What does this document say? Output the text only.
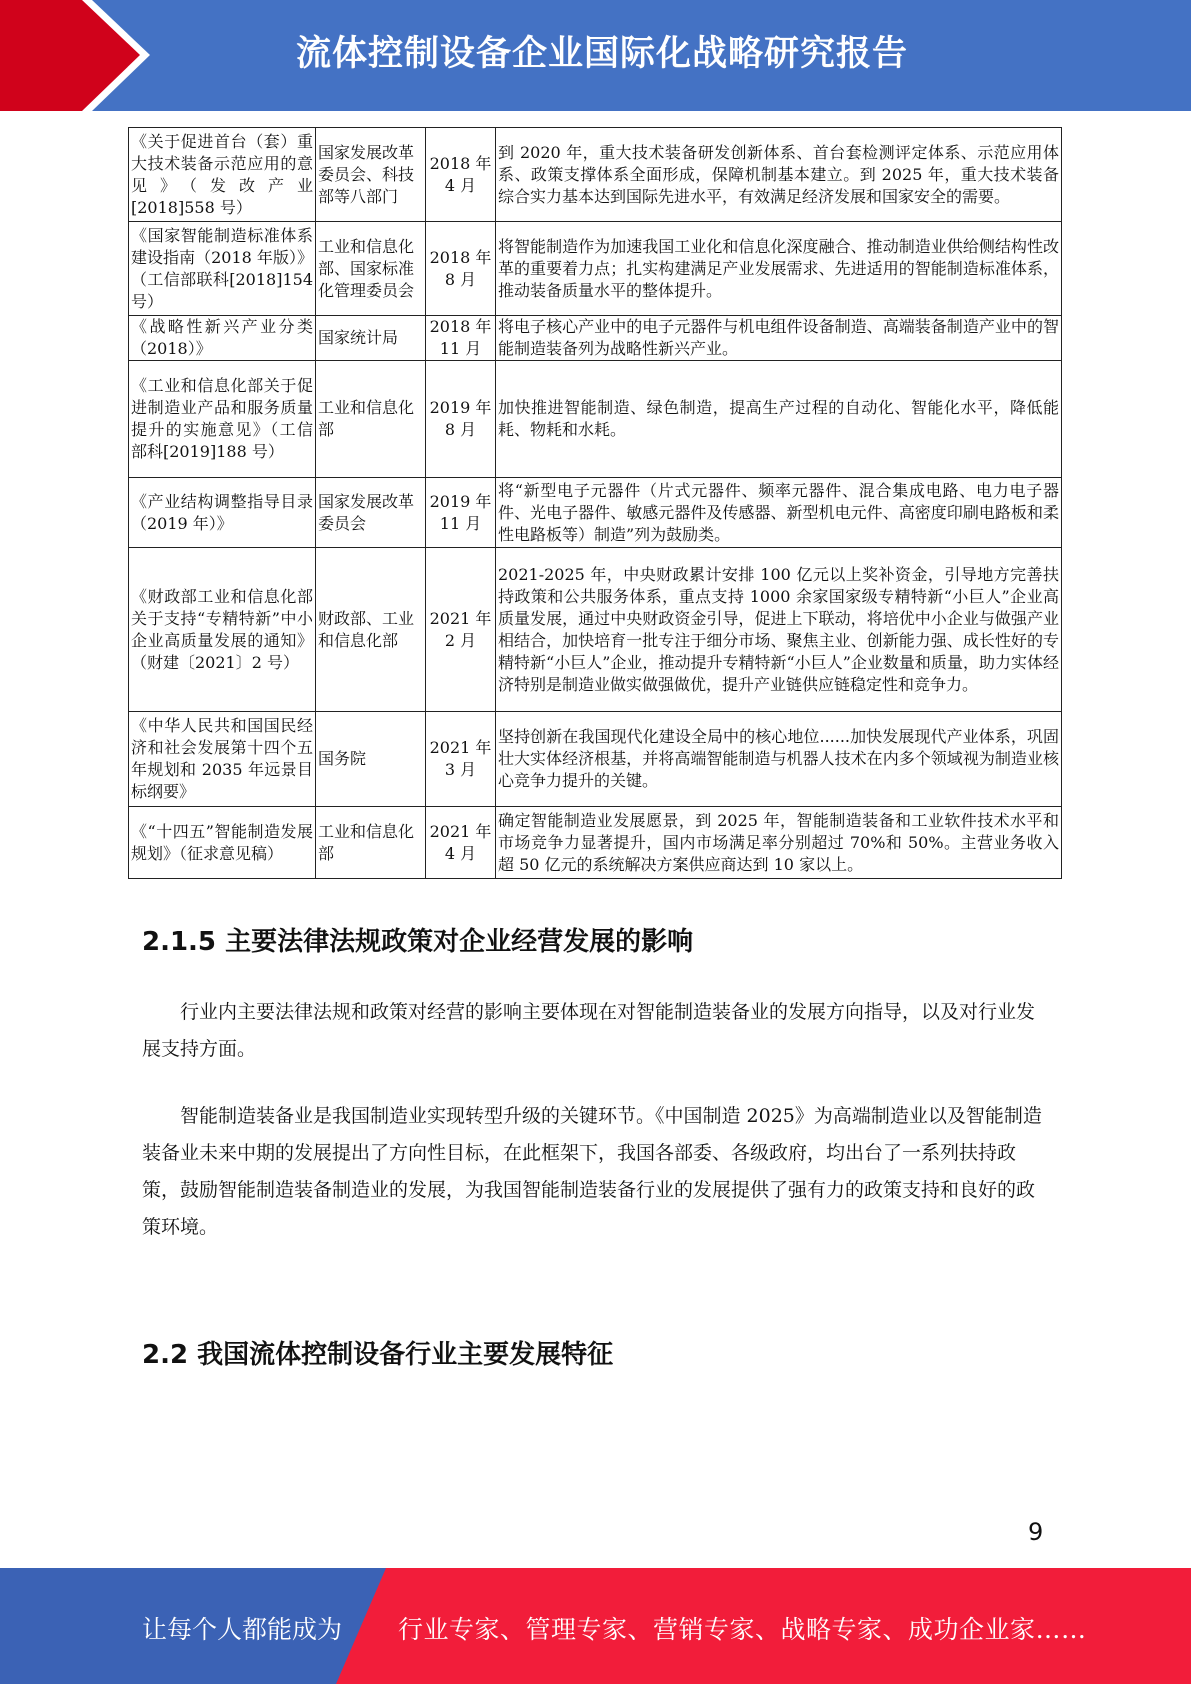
流体控制设备企业国际化战略研究报告
《关于促进首台（套）重大技术装备示范应用的意见》（发改产业[2018]558 号）	国家发展改革委员会、科技部等八部门	2018 年 4 月	到 2020 年，重大技术装备研发创新体系、首台套检测评定体系、示范应用体系、政策支撑体系全面形成，保障机制基本建立。到 2025 年，重大技术装备综合实力基本达到国际先进水平，有效满足经济发展和国家安全的需要。
《国家智能制造标准体系建设指南（2018 年版）》（工信部联科[2018]154 号）	工业和信息化部、国家标准化管理委员会	2018 年 8 月	将智能制造作为加速我国工业化和信息化深度融合、推动制造业供给侧结构性改革的重要着力点；扎实构建满足产业发展需求、先进适用的智能制造标准体系，推动装备质量水平的整体提升。
《战略性新兴产业分类（2018）》	国家统计局	2018 年 11 月	将电子核心产业中的电子元器件与机电组件设备制造、高端装备制造产业中的智能制造装备列为战略性新兴产业。
《工业和信息化部关于促进制造业产品和服务质量提升的实施意见》（工信部科[2019]188 号）	工业和信息化部	2019 年 8 月	加快推进智能制造、绿色制造，提高生产过程的自动化、智能化水平，降低能耗、物耗和水耗。
《产业结构调整指导目录（2019 年）》	国家发展改革委员会	2019 年 11 月	将“新型电子元器件（片式元器件、频率元器件、混合集成电路、电力电子器件、光电子器件、敏感元器件及传感器、新型机电元件、高密度印刷电路板和柔性电路板等）制造”列为鼓励类。
《财政部工业和信息化部关于支持“专精特新”中小企业高质量发展的通知》（财建〔2021〕2 号）	财政部、工业和信息化部	2021 年 2 月	2021-2025 年，中央财政累计安排 100 亿元以上奖补资金，引导地方完善扶持政策和公共服务体系，重点支持 1000 余家国家级专精特新“小巨人”企业高质量发展，通过中央财政资金引导，促进上下联动，将培优中小企业与做强产业相结合，加快培育一批专注于细分市场、聚焦主业、创新能力强、成长性好的专精特新“小巨人”企业，推动提升专精特新“小巨人”企业数量和质量，助力实体经济特别是制造业做实做强做优，提升产业链供应链稳定性和竞争力。
《中华人民共和国国民经济和社会发展第十四个五年规划和 2035 年远景目标纲要》	国务院	2021 年 3 月	坚持创新在我国现代化建设全局中的核心地位......加快发展现代产业体系，巩固壮大实体经济根基，并将高端智能制造与机器人技术在内多个领域视为制造业核心竞争力提升的关键。
《“十四五”智能制造发展规划》（征求意见稿）	工业和信息化部	2021 年 4 月	确定智能制造业发展愿景，到 2025 年，智能制造装备和工业软件技术水平和市场竞争力显著提升，国内市场满足率分别超过 70%和 50%。主营业务收入超 50 亿元的系统解决方案供应商达到 10 家以上。
2.1.5 主要法律法规政策对企业经营发展的影响

行业内主要法律法规和政策对经营的影响主要体现在对智能制造装备业的发展方向指导，以及对行业发展支持方面。

智能制造装备业是我国制造业实现转型升级的关键环节。《中国制造 2025》为高端制造业以及智能制造装备业未来中期的发展提出了方向性目标，在此框架下，我国各部委、各级政府，均出台了一系列扶持政策，鼓励智能制造装备制造业的发展，为我国智能制造装备行业的发展提供了强有力的政策支持和良好的政策环境。

2.2 我国流体控制设备行业主要发展特征
9
让每个人都能成为 行业专家、管理专家、营销专家、战略专家、成功企业家……
